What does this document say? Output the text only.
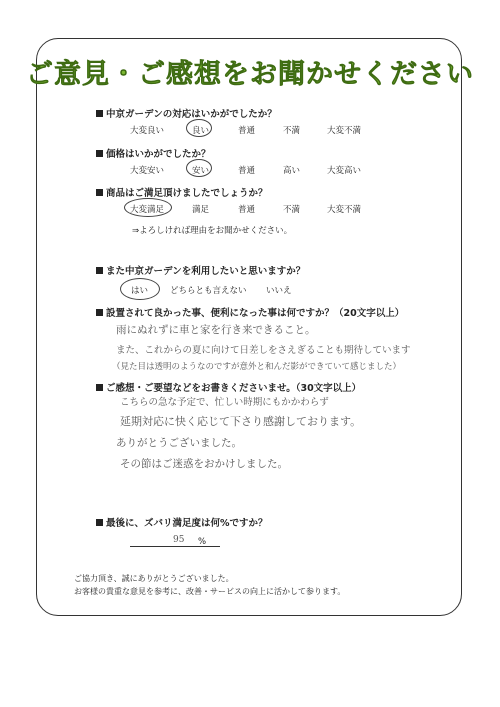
ご意見・ご感想をお聞かせください
中京ガーデンの対応はいかがでしたか？
大変良い	良い	普通	不満	大変不満
価格はいかがでしたか？
大変安い	安い	普通	高い	大変高い
商品はご満足頂けましたでしょうか？
大変満足	満足	普通	不満	大変不満
⇒よろしければ理由をお聞かせください。
また中京ガーデンを利用したいと思いますか？
はい	どちらとも言えない いいえ
設置されて良かった事、便利になった事は何ですか？（20文字以上）
雨にぬれずに車と家を行き来できること。
また、これからの夏に向けて日差しをさえぎることも期待しています
（見た目は透明のようなのですが意外と和んだ影ができていて感じました）
ご感想・ご要望などをお書きくださいませ。（30文字以上）
こちらの急な予定で、忙しい時期にもかかわらず
延期対応に快く応じて下さり感謝しております。
ありがとうございました。
その節はご迷惑をおかけしました。
最後に、ズバリ満足度は何%ですか？
95 %
ご協力頂き、誠にありがとうございました。
お客様の貴重な意見を参考に、改善・サービスの向上に活かして参ります。
